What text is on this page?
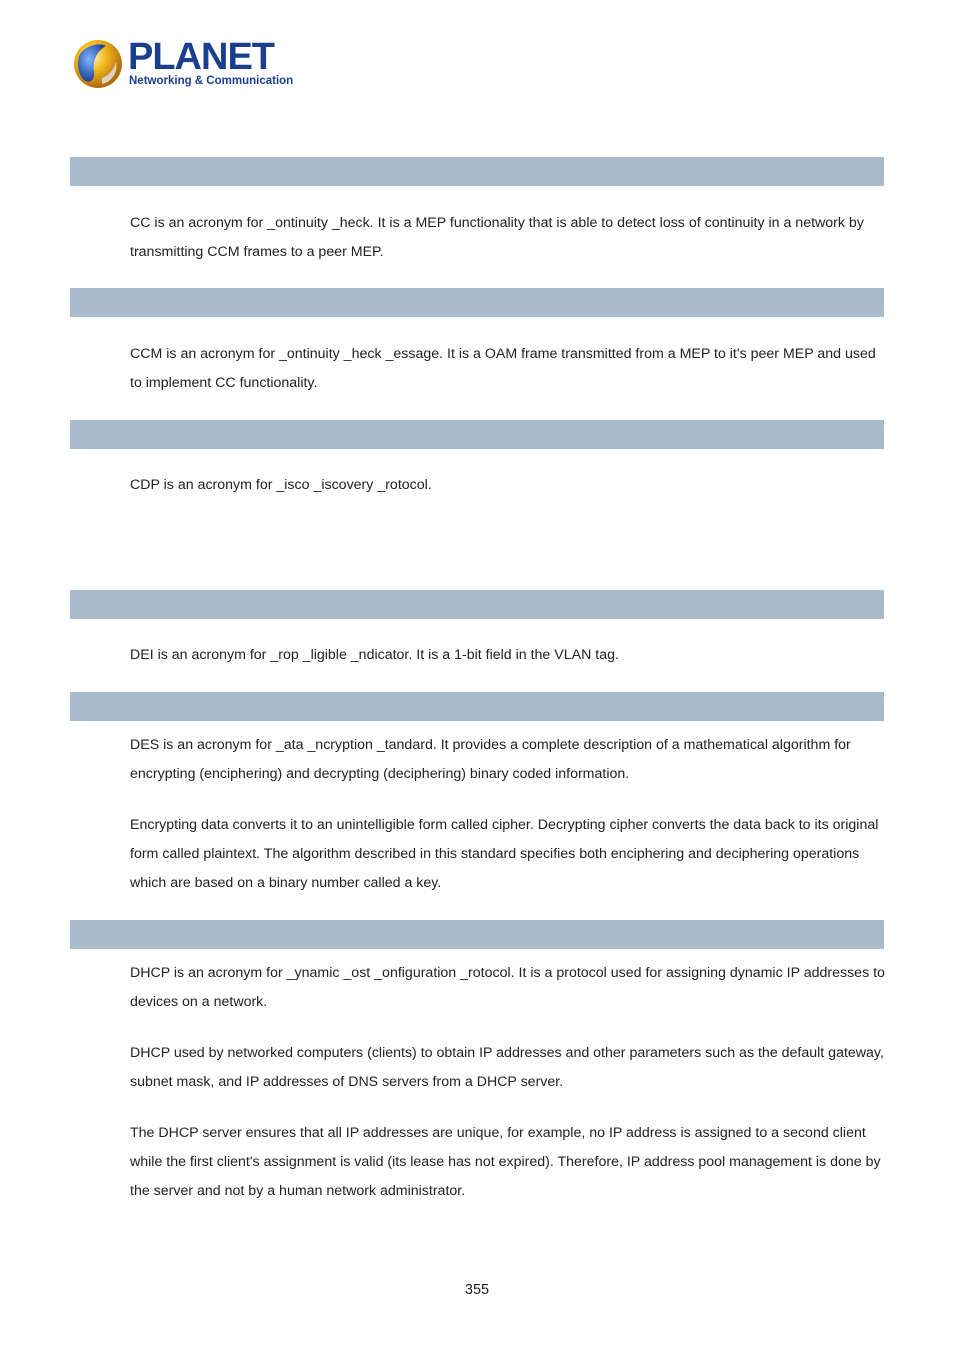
PLANET
Networking & Communication

CC is an acronym for _ontinuity _heck. It is a MEP functionality that is able to detect loss of continuity in a network by transmitting CCM frames to a peer MEP.

CCM is an acronym for _ontinuity _heck _essage. It is a OAM frame transmitted from a MEP to it's peer MEP and used to implement CC functionality.

CDP is an acronym for _isco _iscovery _rotocol.

DEI is an acronym for _rop _ligible _ndicator. It is a 1-bit field in the VLAN tag.

DES is an acronym for _ata _ncryption _tandard. It provides a complete description of a mathematical algorithm for encrypting (enciphering) and decrypting (deciphering) binary coded information.

Encrypting data converts it to an unintelligible form called cipher. Decrypting cipher converts the data back to its original form called plaintext. The algorithm described in this standard specifies both enciphering and deciphering operations which are based on a binary number called a key.

DHCP is an acronym for _ynamic _ost _onfiguration _rotocol. It is a protocol used for assigning dynamic IP addresses to devices on a network.

DHCP used by networked computers (clients) to obtain IP addresses and other parameters such as the default gateway, subnet mask, and IP addresses of DNS servers from a DHCP server.

The DHCP server ensures that all IP addresses are unique, for example, no IP address is assigned to a second client while the first client's assignment is valid (its lease has not expired). Therefore, IP address pool management is done by the server and not by a human network administrator.

355
